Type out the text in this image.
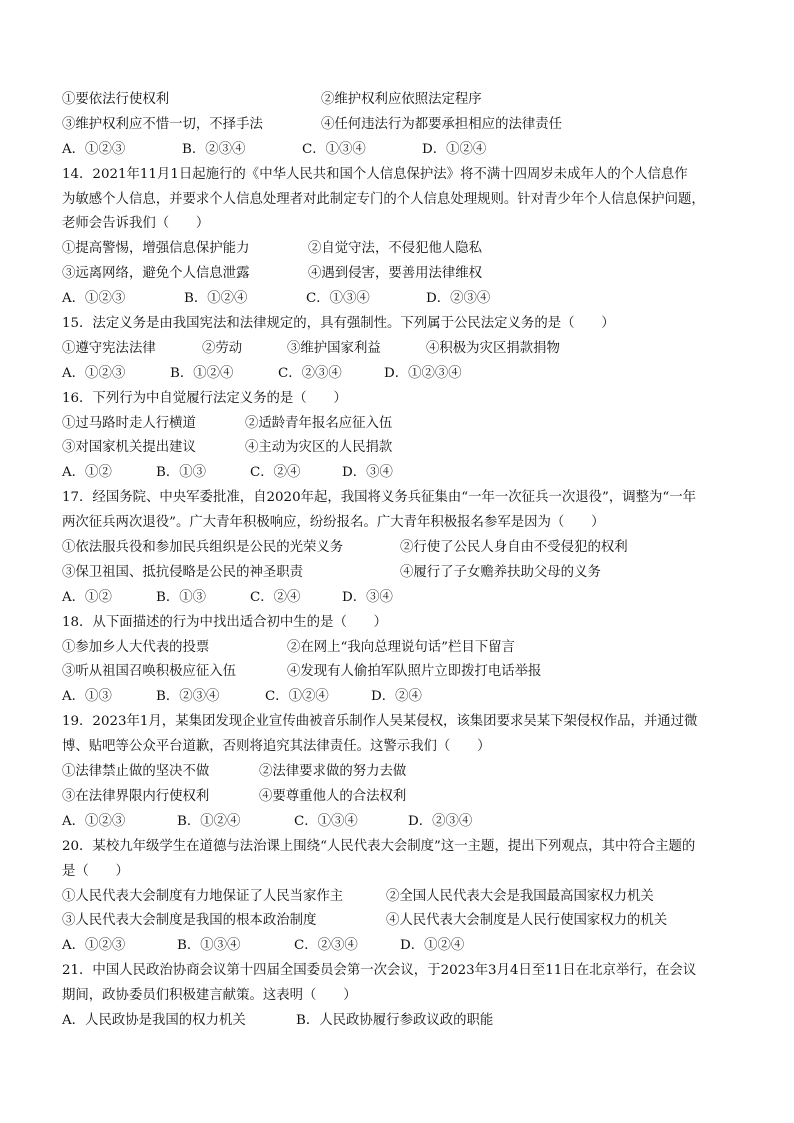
①要依法行使权利	②维护权利应依照法定程序
③维护权利应不惜一切，不择手法	④任何违法行为都要承担相应的法律责任
A．①②③	B．②③④	C．①③④	D．①②④
14．2021年11月1日起施行的《中华人民共和国个人信息保护法》将不满十四周岁未成年人的个人信息作
为敏感个人信息，并要求个人信息处理者对此制定专门的个人信息处理规则。针对青少年个人信息保护问题，
老师会告诉我们（　　）
①提高警惕，增强信息保护能力	②自觉守法，不侵犯他人隐私
③远离网络，避免个人信息泄露	④遇到侵害，要善用法律维权
A．①②③	B．①②④	C．①③④	D．②③④
15．法定义务是由我国宪法和法律规定的，具有强制性。下列属于公民法定义务的是（　　）
①遵守宪法法律	②劳动	③维护国家利益	④积极为灾区捐款捐物
A．①②③	B．①②④	C．②③④	D．①②③④
16．下列行为中自觉履行法定义务的是（　　）
①过马路时走人行横道	②适龄青年报名应征入伍
③对国家机关提出建议	④主动为灾区的人民捐款
A．①②	B．①③	C．②④	D．③④
17．经国务院、中央军委批准，自2020年起，我国将义务兵征集由“一年一次征兵一次退役”，调整为“一年
两次征兵两次退役”。广大青年积极响应，纷纷报名。广大青年积极报名参军是因为（　　）
①依法服兵役和参加民兵组织是公民的光荣义务	②行使了公民人身自由不受侵犯的权利
③保卫祖国、抵抗侵略是公民的神圣职责	④履行了子女赡养扶助父母的义务
A．①②	B．①③	C．②④	D．③④
18．从下面描述的行为中找出适合初中生的是（　　）
①参加乡人大代表的投票	②在网上“我向总理说句话”栏目下留言
③听从祖国召唤积极应征入伍	④发现有人偷拍军队照片立即拨打电话举报
A．①③	B．②③④	C．①②④	D．②④
19．2023年1月，某集团发现企业宣传曲被音乐制作人吴某侵权，该集团要求吴某下架侵权作品，并通过微
博、贴吧等公众平台道歉，否则将追究其法律责任。这警示我们（　　）
①法律禁止做的坚决不做	②法律要求做的努力去做
③在法律界限内行使权利	④要尊重他人的合法权利
A．①②③	B．①②④	C．①③④	D．②③④
20．某校九年级学生在道德与法治课上围绕“人民代表大会制度”这一主题，提出下列观点，其中符合主题的
是（　　）
①人民代表大会制度有力地保证了人民当家作主	②全国人民代表大会是我国最高国家权力机关
③人民代表大会制度是我国的根本政治制度	④人民代表大会制度是人民行使国家权力的机关
A．①②③	B．①③④	C．②③④	D．①②④
21．中国人民政治协商会议第十四届全国委员会第一次会议，于2023年3月4日至11日在北京举行，在会议
期间，政协委员们积极建言献策。这表明（　　）
A．人民政协是我国的权力机关	B．人民政协履行参政议政的职能
